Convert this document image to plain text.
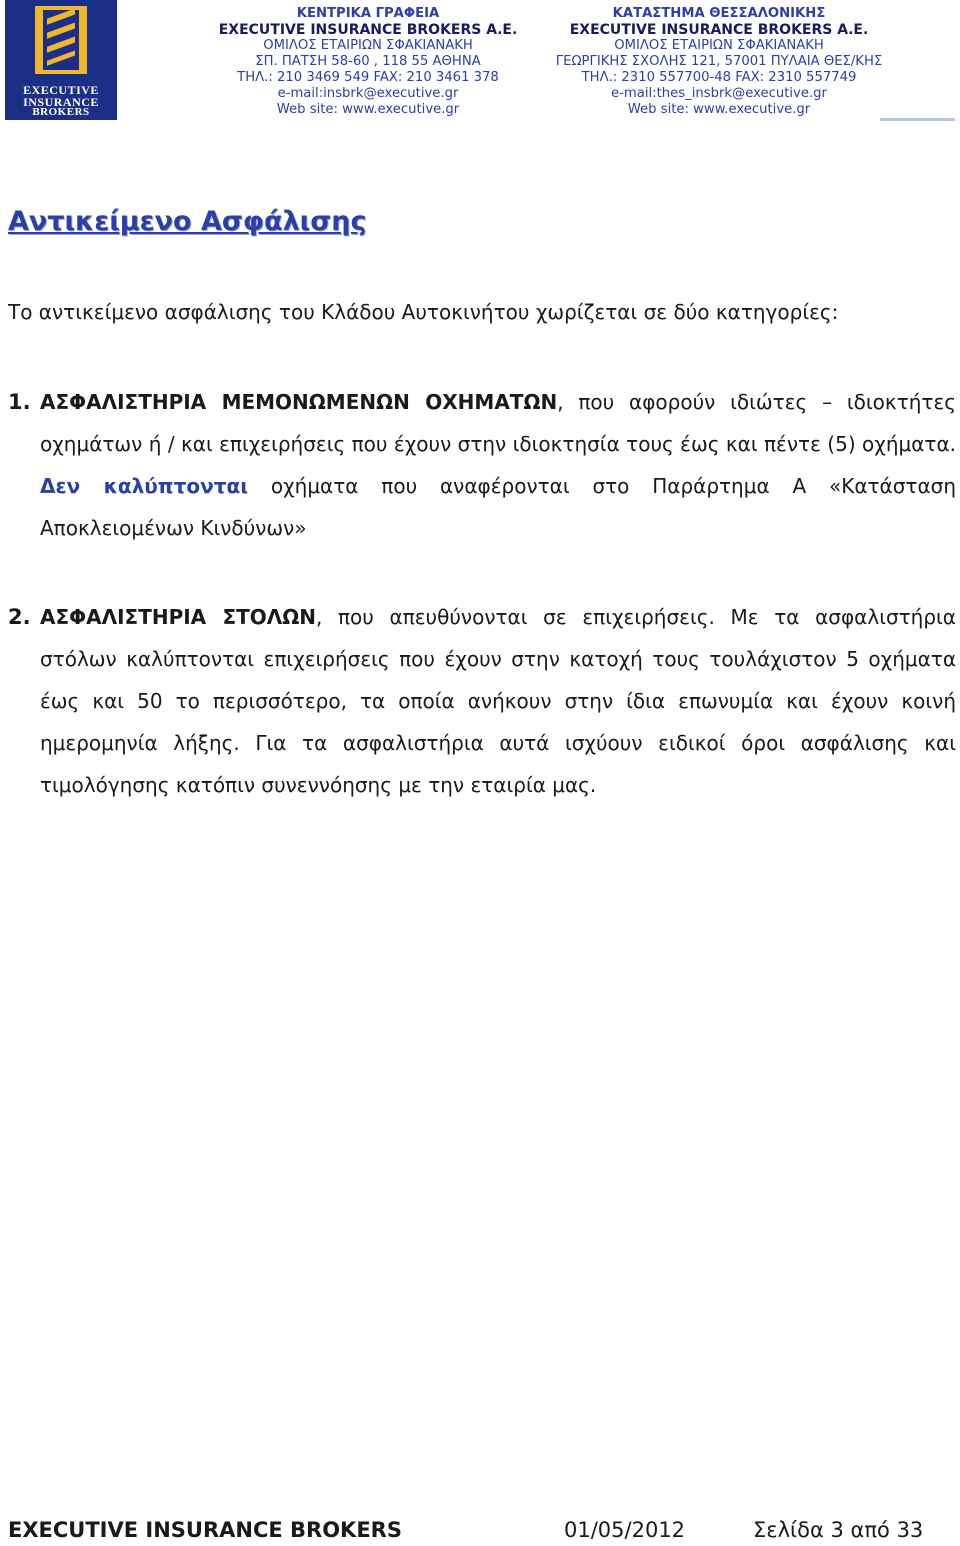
EXECUTIVE
INSURANCE
BROKERS
ΚΕΝΤΡΙΚΑ ΓΡΑΦΕΙΑ
EXECUTIVE INSURANCE BROKERS Α.Ε.
ΟΜΙΛΟΣ ΕΤΑΙΡΙΩΝ ΣΦΑΚΙΑΝΑΚΗ
ΣΠ. ΠΑΤΣΗ 58-60 , 118 55 ΑΘΗΝΑ
ΤΗΛ.: 210 3469 549 FAX: 210 3461 378
e-mail:insbrk@executive.gr
Web site: www.executive.gr
ΚΑΤΑΣΤΗΜΑ ΘΕΣΣΑΛΟΝΙΚΗΣ
EXECUTIVE INSURANCE BROKERS Α.Ε.
ΟΜΙΛΟΣ ΕΤΑΙΡΙΩΝ ΣΦΑΚΙΑΝΑΚΗ
ΓΕΩΡΓΙΚΗΣ ΣΧΟΛΗΣ 121, 57001 ΠΥΛΑΙΑ ΘΕΣ/ΚΗΣ
ΤΗΛ.: 2310 557700-48 FAX: 2310 557749
e-mail:thes_insbrk@executive.gr
Web site: www.executive.gr
Αντικείμενο Ασφάλισης
Το αντικείμενο ασφάλισης του Κλάδου Αυτοκινήτου χωρίζεται σε δύο κατηγορίες:
1. ΑΣΦΑΛΙΣΤΗΡΙΑ ΜΕΜΟΝΩΜΕΝΩΝ ΟΧΗΜΑΤΩΝ, που αφορούν ιδιώτες – ιδιοκτήτες οχημάτων ή / και επιχειρήσεις που έχουν στην ιδιοκτησία τους έως και πέντε (5) οχήματα. Δεν καλύπτονται οχήματα που αναφέρονται στο Παράρτημα Α «Κατάσταση Αποκλειομένων Κινδύνων»
2. ΑΣΦΑΛΙΣΤΗΡΙΑ ΣΤΟΛΩΝ, που απευθύνονται σε επιχειρήσεις. Με τα ασφαλιστήρια στόλων καλύπτονται επιχειρήσεις που έχουν στην κατοχή τους τουλάχιστον 5 οχήματα έως και 50 το περισσότερο, τα οποία ανήκουν στην ίδια επωνυμία και έχουν κοινή ημερομηνία λήξης. Για τα ασφαλιστήρια αυτά ισχύουν ειδικοί όροι ασφάλισης και τιμολόγησης κατόπιν συνεννόησης με την εταιρία μας.
EXECUTIVE INSURANCE BROKERS	01/05/2012	Σελίδα 3 από 33
